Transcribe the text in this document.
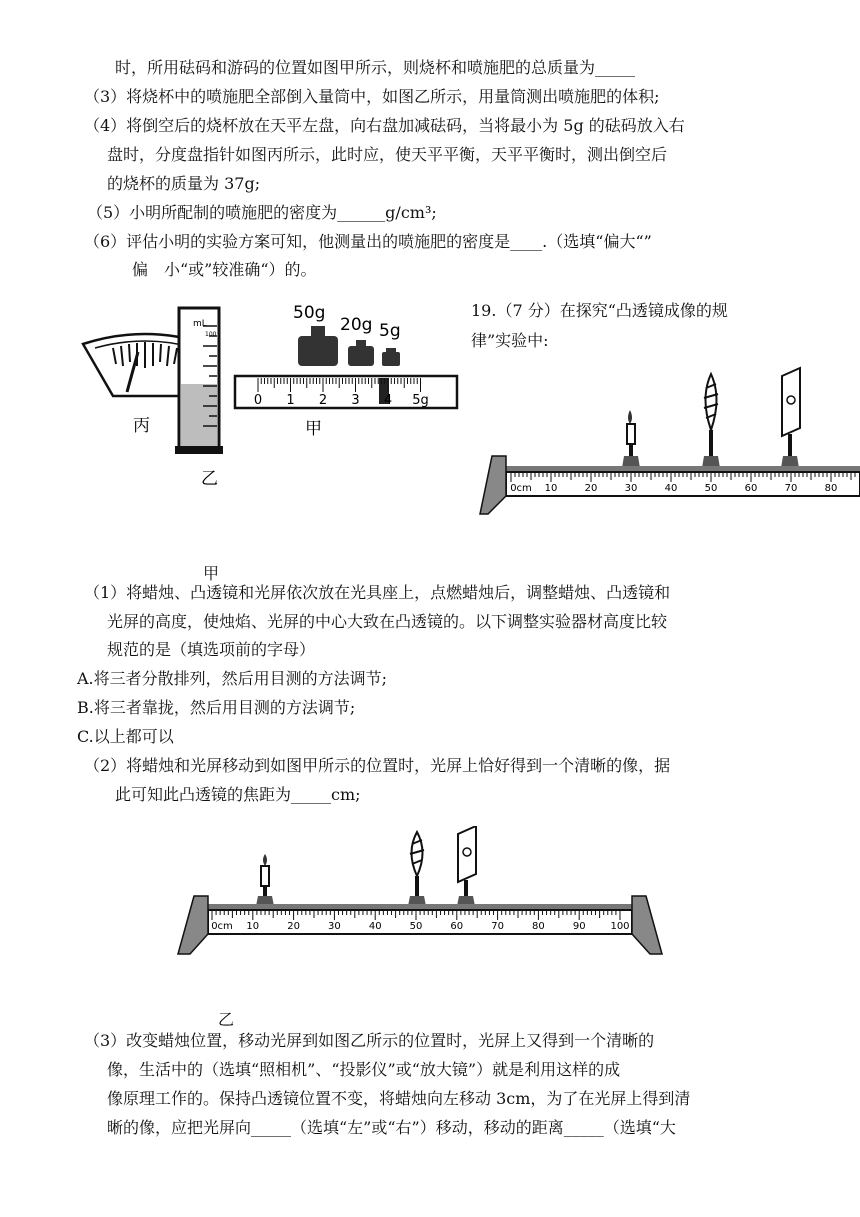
时，所用砝码和游码的位置如图甲所示，则烧杯和喷施肥的总质量为_____
（3）将烧杯中的喷施肥全部倒入量筒中，如图乙所示，用量筒测出喷施肥的体积;
（4）将倒空后的烧杯放在天平左盘，向右盘加减砝码，当将最小为 5g 的砝码放入右
盘时，分度盘指针如图丙所示，此时应，使天平平衡，天平平衡时，测出倒空后
的烧杯的质量为 37g;
（5）小明所配制的喷施肥的密度为______g/cm³;
（6）评估小明的实验方案可知，他测量出的喷施肥的密度是____.（选填“偏大“”
偏　小“或”较准确“）的。
19.（7 分）在探究“凸透镜成像的规
律”实验中:
（1）将蜡烛、凸透镜和光屏依次放在光具座上，点燃蜡烛后，调整蜡烛、凸透镜和
光屏的高度，使烛焰、光屏的中心大致在凸透镜的。以下调整实验器材高度比较
规范的是（填选项前的字母）
A.将三者分散排列，然后用目测的方法调节;
B.将三者靠拢，然后用目测的方法调节;
C.以上都可以
（2）将蜡烛和光屏移动到如图甲所示的位置时，光屏上恰好得到一个清晰的像，据
此可知此凸透镜的焦距为_____cm;
（3）改变蜡烛位置，移动光屏到如图乙所示的位置时，光屏上又得到一个清晰的
像，生活中的（选填“照相机”、“投影仪”或“放大镜”）就是利用这样的成
像原理工作的。保持凸透镜位置不变，将蜡烛向左移动 3cm，为了在光屏上得到清
晰的像，应把光屏向_____（选填“左”或“右”）移动，移动的距离_____（选填“大
丙
mL
100
乙
50g
20g 5g
0 1 2 3 4 5g
甲
0cm 10	20	30	40	50	60	70	80
甲
0cm 10	20	30	40	50	60	70	80	90 100
乙
